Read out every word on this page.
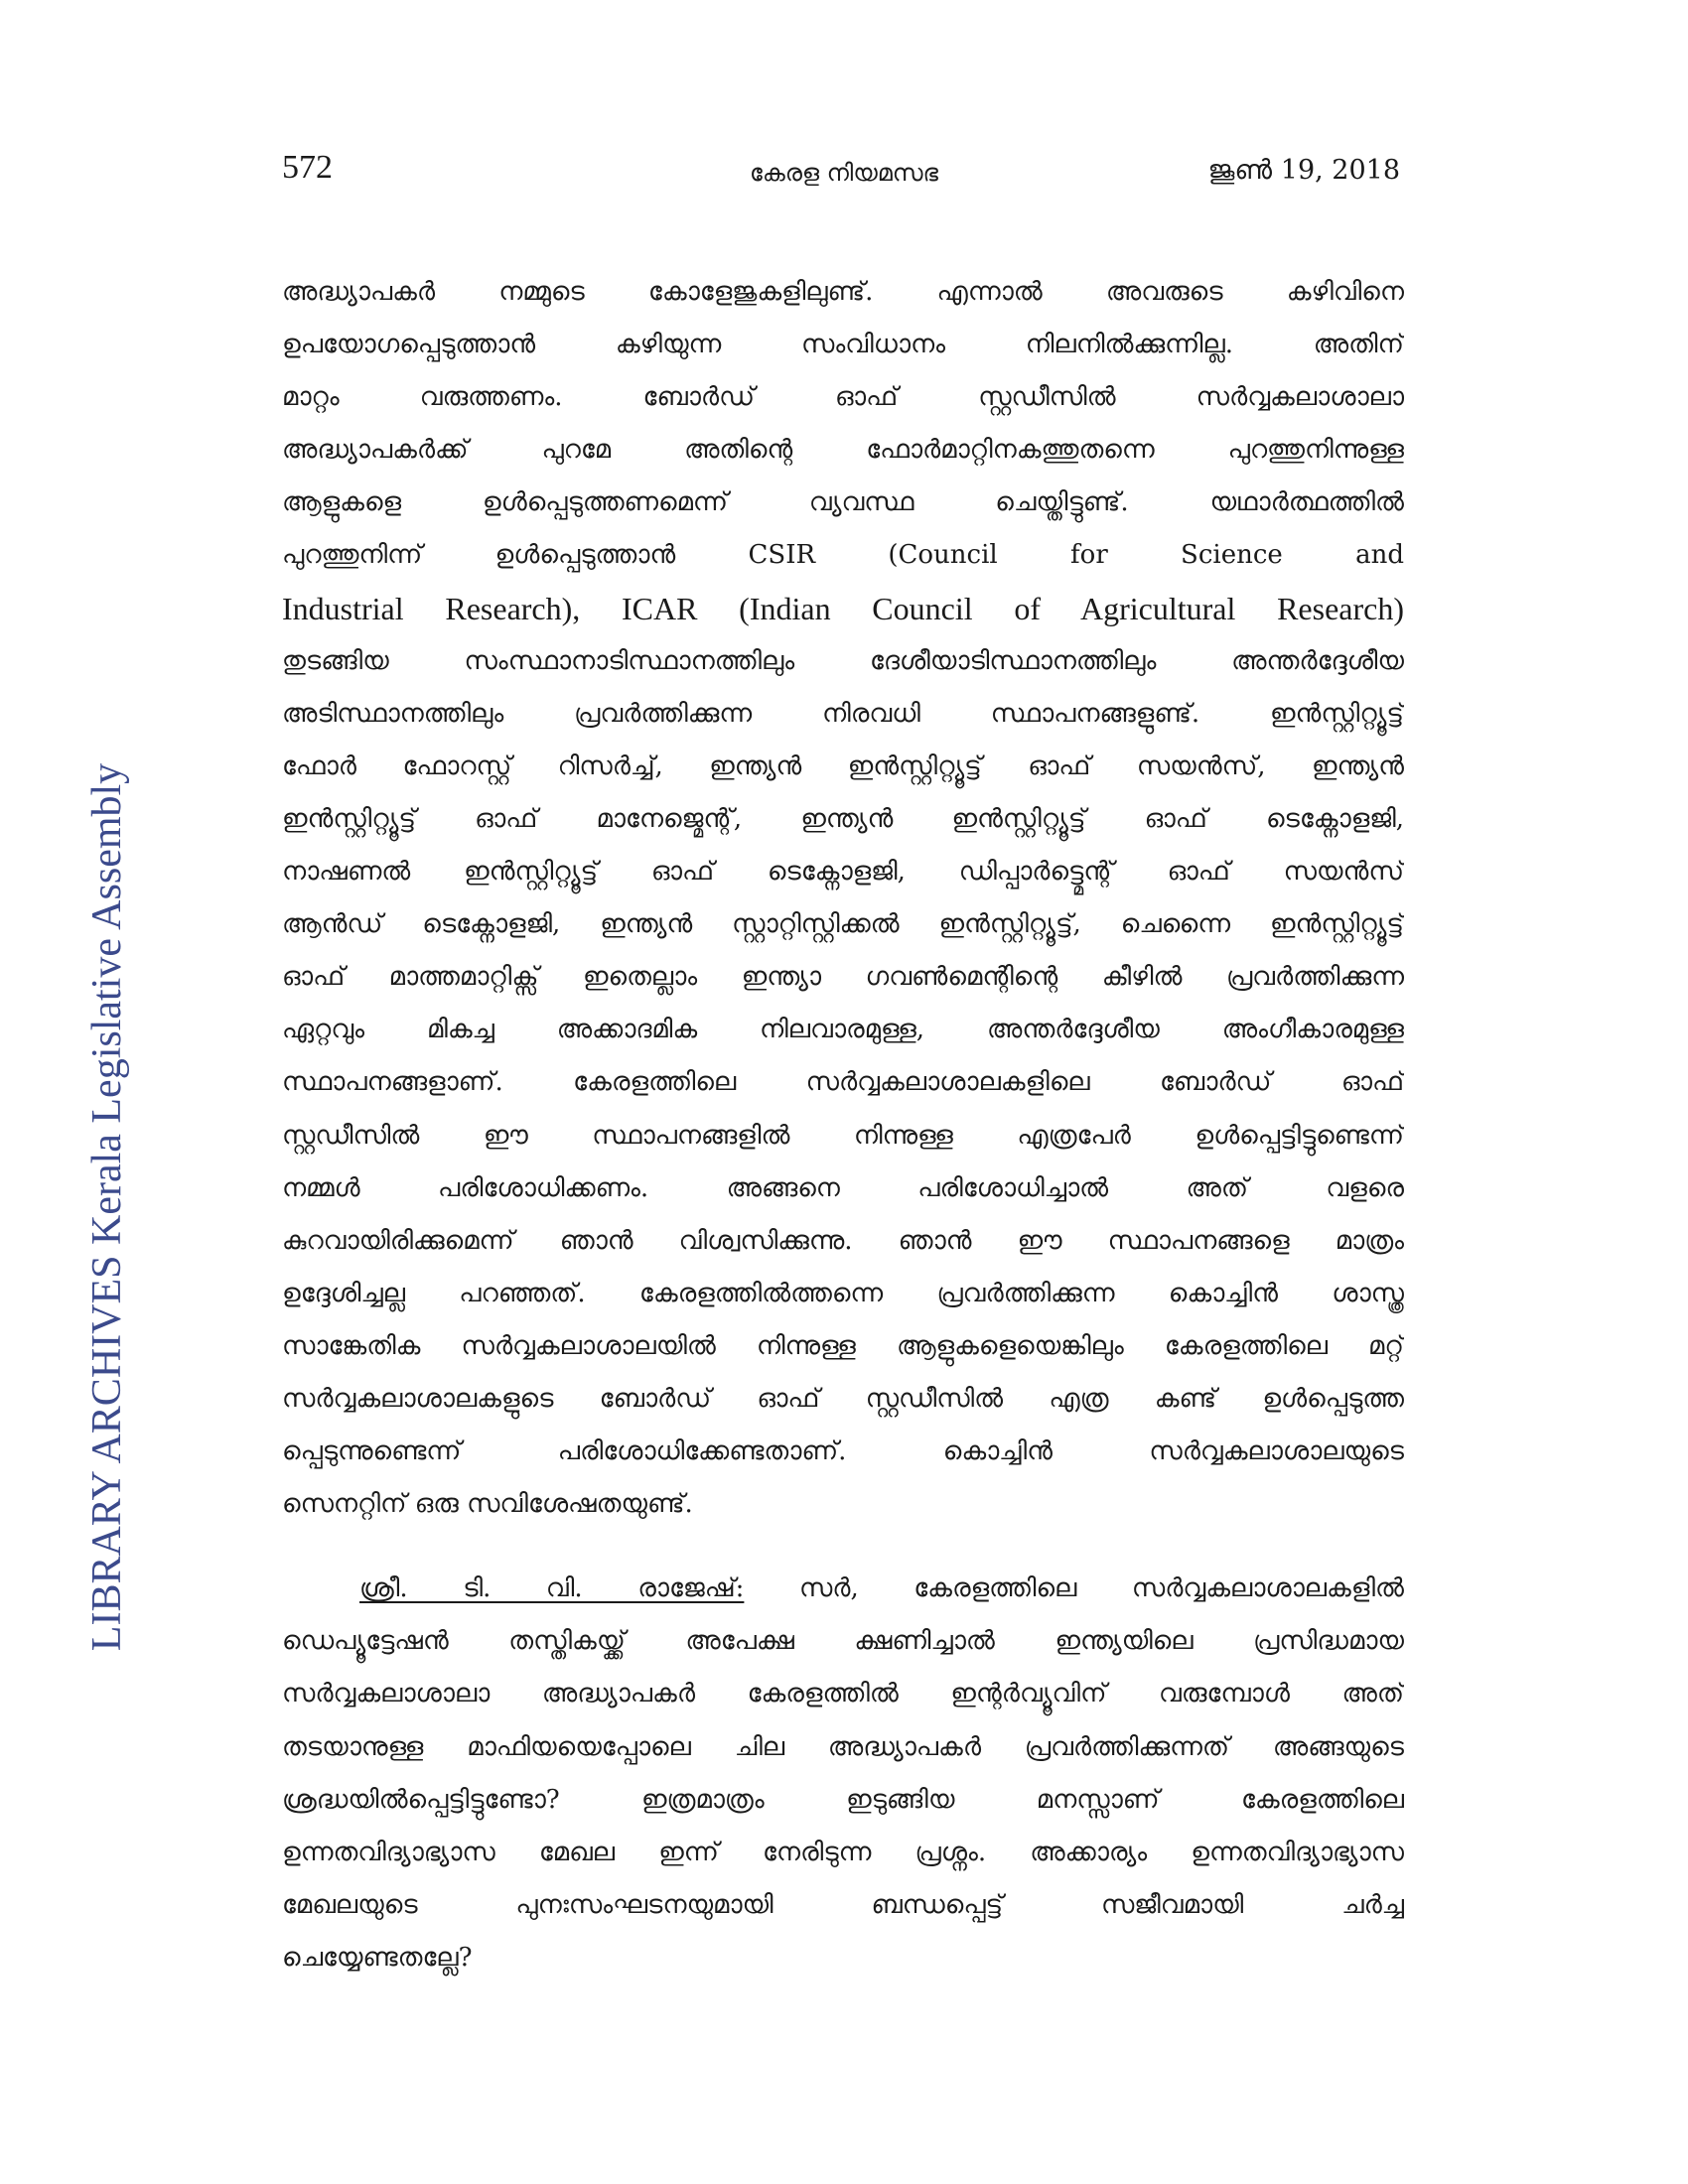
572	കേരള നിയമസഭ	ജൂൺ 19, 2018

LIBRARY ARCHIVES Kerala Legislative Assembly

അദ്ധ്യാപകർ നമ്മുടെ കോളേജുകളിലുണ്ട്. എന്നാൽ അവരുടെ കഴിവിനെ
ഉപയോഗപ്പെടുത്താൻ കഴിയുന്ന സംവിധാനം നിലനിൽക്കുന്നില്ല. അതിന്
മാറ്റം വരുത്തണം. ബോർഡ് ഓഫ് സ്റ്റഡീസിൽ സർവ്വകലാശാലാ
അദ്ധ്യാപകർക്ക് പുറമേ അതിന്റെ ഫോർമാറ്റിനകത്തുതന്നെ പുറത്തുനിന്നുള്ള
ആളുകളെ ഉൾപ്പെടുത്തണമെന്ന് വ്യവസ്ഥ ചെയ്തിട്ടുണ്ട്. യഥാർത്ഥത്തിൽ
പുറത്തുനിന്ന് ഉൾപ്പെടുത്താൻ CSIR (Council for Science and
Industrial Research), ICAR (Indian Council of Agricultural Research)
തുടങ്ങിയ സംസ്ഥാനാടിസ്ഥാനത്തിലും ദേശീയാടിസ്ഥാനത്തിലും അന്തർദ്ദേശീയ
അടിസ്ഥാനത്തിലും പ്രവർത്തിക്കുന്ന നിരവധി സ്ഥാപനങ്ങളുണ്ട്. ഇൻസ്റ്റിറ്റ്യൂട്ട്
ഫോർ ഫോറസ്റ്റ് റിസർച്ച്, ഇന്ത്യൻ ഇൻസ്റ്റിറ്റ്യൂട്ട് ഓഫ് സയൻസ്, ഇന്ത്യൻ
ഇൻസ്റ്റിറ്റ്യൂട്ട് ഓഫ് മാനേജ്മെന്റ്, ഇന്ത്യൻ ഇൻസ്റ്റിറ്റ്യൂട്ട് ഓഫ് ടെക്നോളജി,
നാഷണൽ ഇൻസ്റ്റിറ്റ്യൂട്ട് ഓഫ് ടെക്നോളജി, ഡിപ്പാർട്ട്മെന്റ് ഓഫ് സയൻസ്
ആൻഡ് ടെക്നോളജി, ഇന്ത്യൻ സ്റ്റാറ്റിസ്റ്റിക്കൽ ഇൻസ്റ്റിറ്റ്യൂട്ട്, ചെന്നൈ ഇൻസ്റ്റിറ്റ്യൂട്ട്
ഓഫ് മാത്തമാറ്റിക്സ് ഇതെല്ലാം ഇന്ത്യാ ഗവൺമെന്റിന്റെ കീഴിൽ പ്രവർത്തിക്കുന്ന
ഏറ്റവും മികച്ച അക്കാദമിക നിലവാരമുള്ള, അന്തർദ്ദേശീയ അംഗീകാരമുള്ള
സ്ഥാപനങ്ങളാണ്. കേരളത്തിലെ സർവ്വകലാശാലകളിലെ ബോർഡ് ഓഫ്
സ്റ്റഡീസിൽ ഈ സ്ഥാപനങ്ങളിൽ നിന്നുള്ള എത്രപേർ ഉൾപ്പെട്ടിട്ടുണ്ടെന്ന്
നമ്മൾ പരിശോധിക്കണം. അങ്ങനെ പരിശോധിച്ചാൽ അത് വളരെ
കുറവായിരിക്കുമെന്ന് ഞാൻ വിശ്വസിക്കുന്നു. ഞാൻ ഈ സ്ഥാപനങ്ങളെ മാത്രം
ഉദ്ദേശിച്ചല്ല പറഞ്ഞത്. കേരളത്തിൽത്തന്നെ പ്രവർത്തിക്കുന്ന കൊച്ചിൻ ശാസ്ത്ര
സാങ്കേതിക സർവ്വകലാശാലയിൽ നിന്നുള്ള ആളുകളെയെങ്കിലും കേരളത്തിലെ മറ്റ്
സർവ്വകലാശാലകളുടെ ബോർഡ് ഓഫ് സ്റ്റഡീസിൽ എത്ര കണ്ട് ഉൾപ്പെടുത്ത
പ്പെടുന്നുണ്ടെന്ന് പരിശോധിക്കേണ്ടതാണ്. കൊച്ചിൻ സർവ്വകലാശാലയുടെ
സെനറ്റിന് ഒരു സവിശേഷതയുണ്ട്.
ശ്രീ. ടി. വി. രാജേഷ്: സർ, കേരളത്തിലെ സർവ്വകലാശാലകളിൽ
ഡെപ്യൂട്ടേഷൻ തസ്തികയ്ക്ക് അപേക്ഷ ക്ഷണിച്ചാൽ ഇന്ത്യയിലെ പ്രസിദ്ധമായ
സർവ്വകലാശാലാ അദ്ധ്യാപകർ കേരളത്തിൽ ഇന്റർവ്യൂവിന് വരുമ്പോൾ അത്
തടയാനുള്ള മാഫിയയെപ്പോലെ ചില അദ്ധ്യാപകർ പ്രവർത്തിക്കുന്നത് അങ്ങയുടെ
ശ്രദ്ധയിൽപ്പെട്ടിട്ടുണ്ടോ? ഇത്രമാത്രം ഇടുങ്ങിയ മനസ്സാണ് കേരളത്തിലെ
ഉന്നതവിദ്യാഭ്യാസ മേഖല ഇന്ന് നേരിടുന്ന പ്രശ്നം. അക്കാര്യം ഉന്നതവിദ്യാഭ്യാസ
മേഖലയുടെ പുനഃസംഘടനയുമായി ബന്ധപ്പെട്ട് സജീവമായി ചർച്ച
ചെയ്യേണ്ടതല്ലേ?
